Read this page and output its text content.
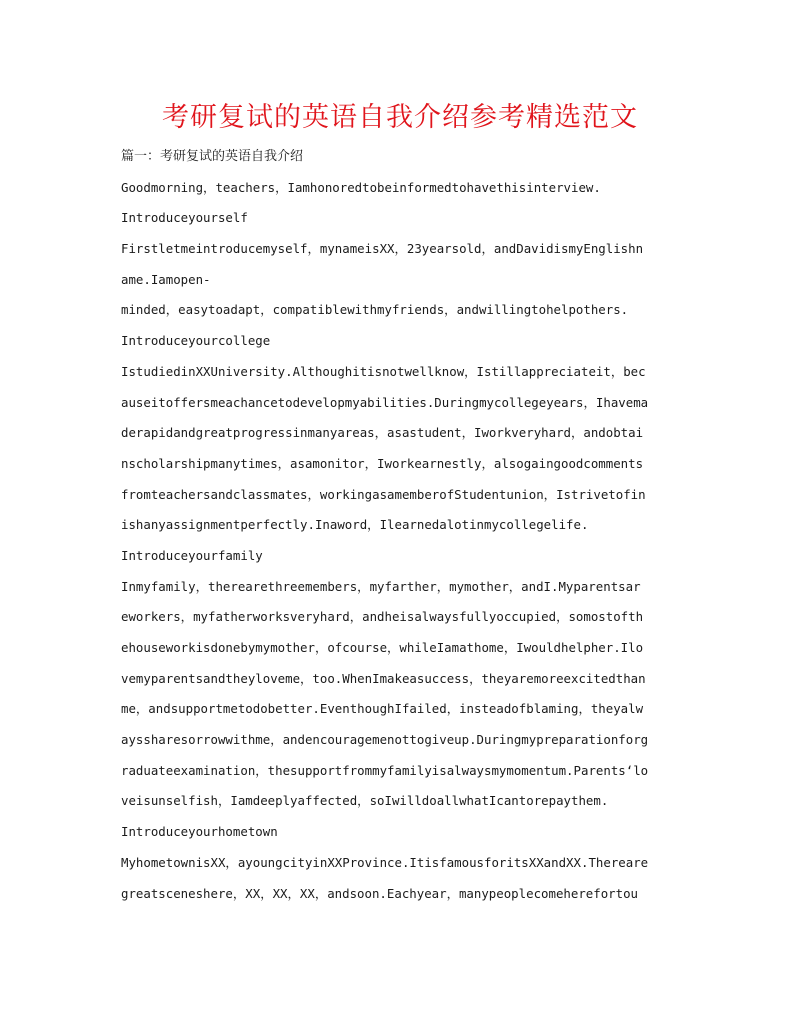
考研复试的英语自我介绍参考精选范文
篇一：考研复试的英语自我介绍
Goodmorning，teachers，Iamhonoredtobeinformedtohavethisinterview.
Introduceyourself
Firstletmeintroducemyself，mynameisXX，23yearsold，andDavidismyEnglishn
ame.Iamopen-
minded，easytoadapt，compatiblewithmyfriends，andwillingtohelpothers.
Introduceyourcollege
IstudiedinXXUniversity.Althoughitisnotwellknow，Istillappreciateit，bec
auseitoffersmeachancetodevelopmyabilities.Duringmycollegeyears，Ihavema
derapidandgreatprogressinmanyareas，asastudent，Iworkveryhard，andobtai
nscholarshipmanytimes，asamonitor，Iworkearnestly，alsogaingoodcomments
fromteachersandclassmates，workingasamemberofStudentunion，Istrivetofin
ishanyassignmentperfectly.Inaword，Ilearnedalotinmycollegelife.
Introduceyourfamily
Inmyfamily，therearethreemembers，myfarther，mymother，andI.Myparentsar
eworkers，myfatherworksveryhard，andheisalwaysfullyoccupied，somostofth
ehouseworkisdonebymymother，ofcourse，whileIamathome，Iwouldhelpher.Ilo
vemyparentsandtheyloveme，too.WhenImakeasuccess，theyaremoreexcitedthan
me，andsupportmetodobetter.EventhoughIfailed，insteadofblaming，theyalw
ayssharesorrowwithme，andencouragemenottogiveup.Duringmypreparationforg
raduateexamination，thesupportfrommyfamilyisalwaysmymomentum.Parents‘lo
veisunselfish，Iamdeeplyaffected，soIwilldoallwhatIcantorepaythem.
Introduceyourhometown
MyhometownisXX，ayoungcityinXXProvince.ItisfamousforitsXXandXX.Thereare
greatsceneshere，XX，XX，XX，andsoon.Eachyear，manypeoplecomeherefortou
